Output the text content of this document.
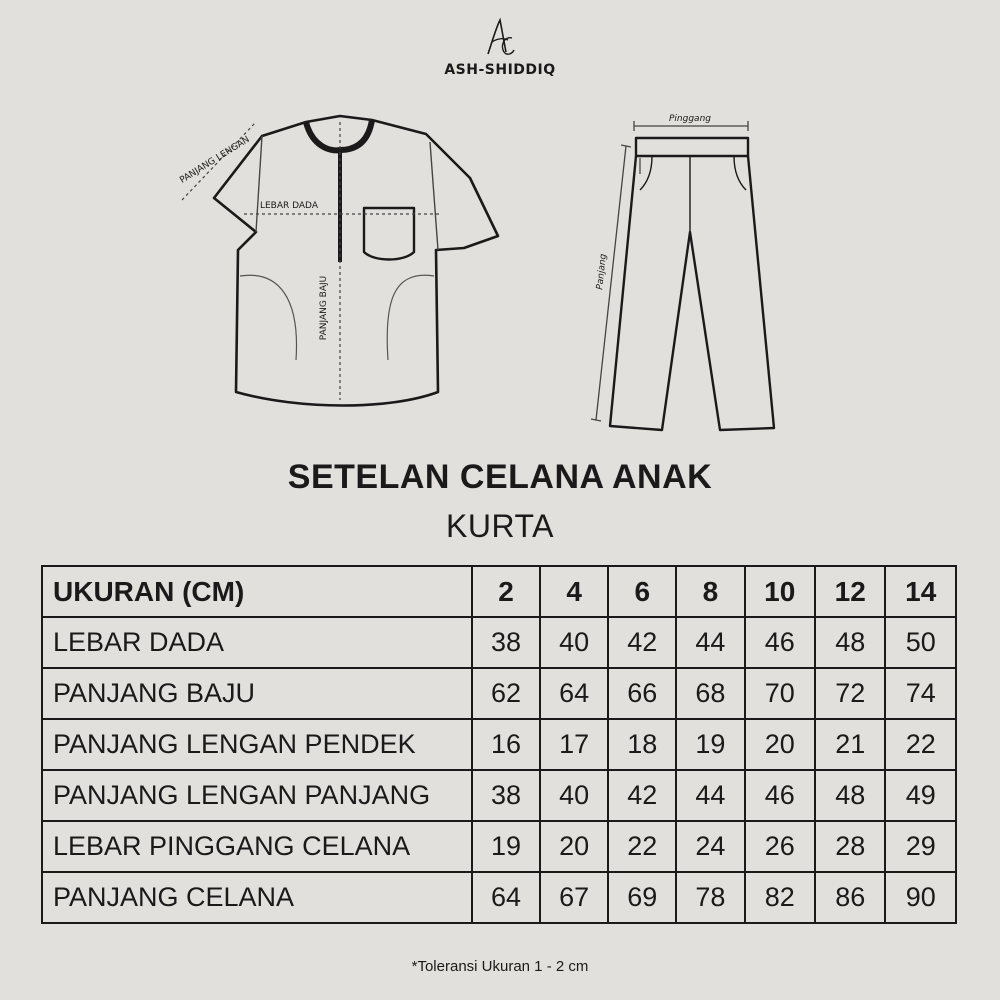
ASH-SHIDDIQ
PANJANG LENGAN
LEBAR DADA
PANJANG BAJU
Pinggang
Panjang
SETELAN CELANA ANAK
KURTA
UKURAN (CM)	2	4	6	8	10	12	14
LEBAR DADA	38	40	42	44	46	48	50
PANJANG BAJU	62	64	66	68	70	72	74
PANJANG LENGAN PENDEK	16	17	18	19	20	21	22
PANJANG LENGAN PANJANG	38	40	42	44	46	48	49
LEBAR PINGGANG CELANA	19	20	22	24	26	28	29
PANJANG CELANA	64	67	69	78	82	86	90
*Toleransi Ukuran 1 - 2 cm
